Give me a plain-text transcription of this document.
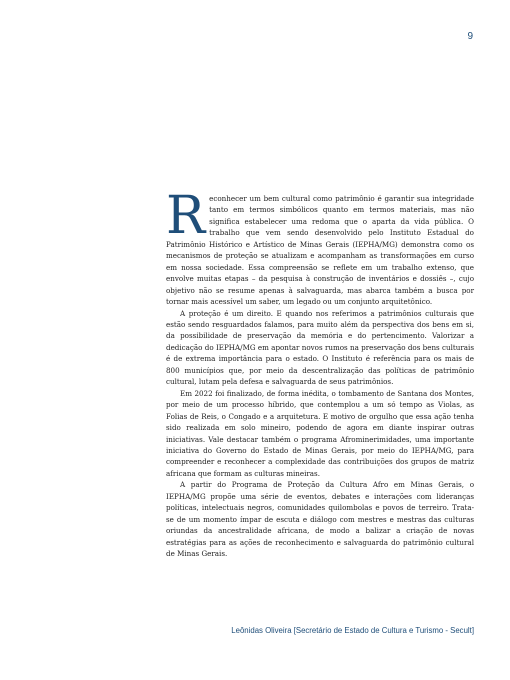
9

Reconhecer um bem cultural como patrimônio é garantir sua integridade tanto em termos simbólicos quanto em termos materiais, mas não significa estabelecer uma redoma que o aparta da vida pública. O trabalho que vem sendo desenvolvido pelo Instituto Estadual do Patrimônio Histórico e Artístico de Minas Gerais (IEPHA/MG) demonstra como os mecanismos de proteção se atualizam e acompanham as transformações em curso em nossa sociedade. Essa compreensão se reflete em um trabalho extenso, que envolve muitas etapas – da pesquisa à construção de inventários e dossiês –, cujo objetivo não se resume apenas à salvaguarda, mas abarca também a busca por tornar mais acessível um saber, um legado ou um conjunto arquitetônico.

A proteção é um direito. E quando nos referimos a patrimônios culturais que estão sendo resguardados falamos, para muito além da perspectiva dos bens em si, da possibilidade de preservação da memória e do pertencimento. Valorizar a dedicação do IEPHA/MG em apontar novos rumos na preservação dos bens culturais é de extrema importância para o estado. O Instituto é referência para os mais de 800 municípios que, por meio da descentralização das políticas de patrimônio cultural, lutam pela defesa e salvaguarda de seus patrimônios.

Em 2022 foi finalizado, de forma inédita, o tombamento de Santana dos Montes, por meio de um processo híbrido, que contemplou a um só tempo as Violas, as Folias de Reis, o Congado e a arquitetura. E motivo de orgulho que essa ação tenha sido realizada em solo mineiro, podendo de agora em diante inspirar outras iniciativas. Vale destacar também o programa Afrominerimidades, uma importante iniciativa do Governo do Estado de Minas Gerais, por meio do IEPHA/MG, para compreender e reconhecer a complexidade das contribuições dos grupos de matriz africana que formam as culturas mineiras.

A partir do Programa de Proteção da Cultura Afro em Minas Gerais, o IEPHA/MG propõe uma série de eventos, debates e interações com lideranças políticas, intelectuais negros, comunidades quilombolas e povos de terreiro. Trata-se de um momento ímpar de escuta e diálogo com mestres e mestras das culturas oriundas da ancestralidade africana, de modo a balizar a criação de novas estratégias para as ações de reconhecimento e salvaguarda do patrimônio cultural de Minas Gerais.

Leônidas Oliveira [Secretário de Estado de Cultura e Turismo - Secult]
